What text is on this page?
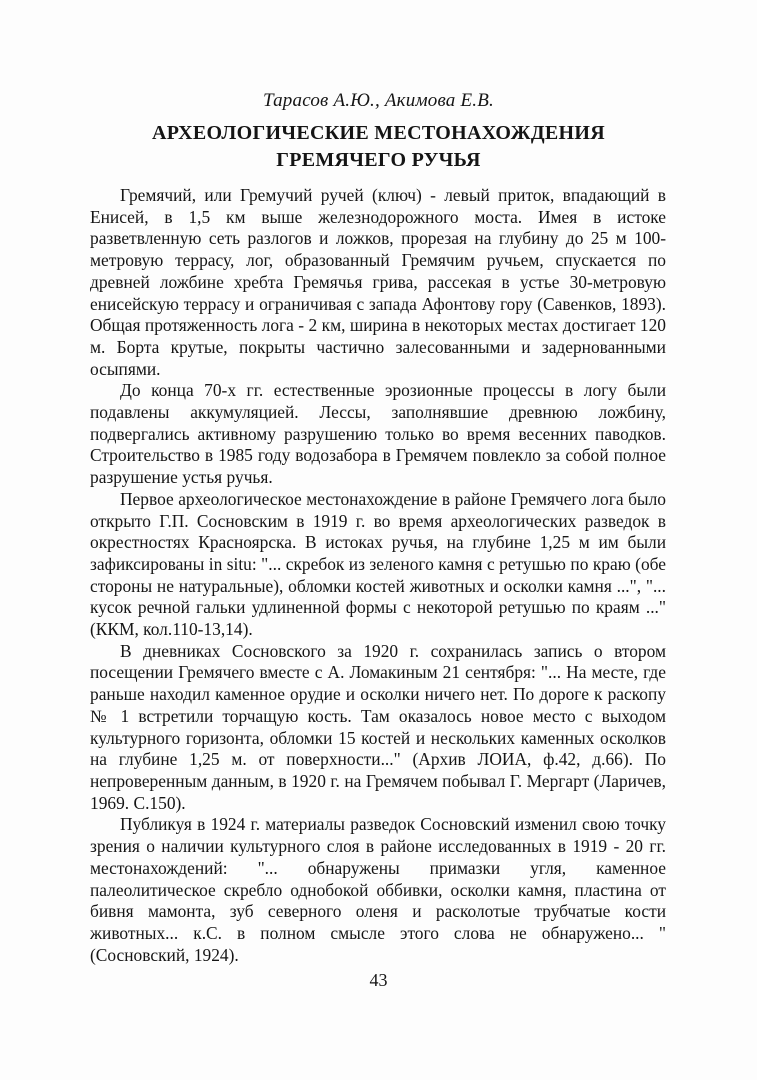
Тарасов А.Ю., Акимова Е.В.
АРХЕОЛОГИЧЕСКИЕ МЕСТОНАХОЖДЕНИЯ
ГРЕМЯЧЕГО РУЧЬЯ

Гремячий, или Гремучий ручей (ключ) - левый приток, впадающий в Енисей, в 1,5 км выше железнодорожного моста. Имея в истоке разветвленную сеть разлогов и ложков, прорезая на глубину до 25 м 100-метровую террасу, лог, образованный Гремячим ручьем, спускается по древней ложбине хребта Гремячья грива, рассекая в устье 30-метровую енисейскую террасу и ограничивая с запада Афонтову гору (Савенков, 1893). Общая протяженность лога - 2 км, ширина в некоторых местах достигает 120 м. Борта крутые, покрыты частично залесованными и задернованными осыпями.

До конца 70-х гг. естественные эрозионные процессы в логу были подавлены аккумуляцией. Лессы, заполнявшие древнюю ложбину, подвергались активному разрушению только во время весенних паводков. Строительство в 1985 году водозабора в Гремячем повлекло за собой полное разрушение устья ручья.

Первое археологическое местонахождение в районе Гремячего лога было открыто Г.П. Сосновским в 1919 г. во время археологических разведок в окрестностях Красноярска. В истоках ручья, на глубине 1,25 м им были зафиксированы in situ: "... скребок из зеленого камня с ретушью по краю (обе стороны не натуральные), обломки костей животных и осколки камня ...", "... кусок речной гальки удлиненной формы с некоторой ретушью по краям ..." (ККМ, кол.110-13,14).

В дневниках Сосновского за 1920 г. сохранилась запись о втором посещении Гремячего вместе с А. Ломакиным 21 сентября: "... На месте, где раньше находил каменное орудие и осколки ничего нет. По дороге к раскопу № 1 встретили торчащую кость. Там оказалось новое место с выходом культурного горизонта, обломки 15 костей и нескольких каменных осколков на глубине 1,25 м. от поверхности..." (Архив ЛОИА, ф.42, д.66). По непроверенным данным, в 1920 г. на Гремячем побывал Г. Мергарт (Ларичев, 1969. С.150).

Публикуя в 1924 г. материалы разведок Сосновский изменил свою точку зрения о наличии культурного слоя в районе исследованных в 1919 - 20 гг. местонахождений: "... обнаружены примазки угля, каменное палеолитическое скребло однобокой оббивки, осколки камня, пластина от бивня мамонта, зуб северного оленя и расколотые трубчатые кости животных... к.С. в полном смысле этого слова не обнаружено... " (Сосновский, 1924).

43
